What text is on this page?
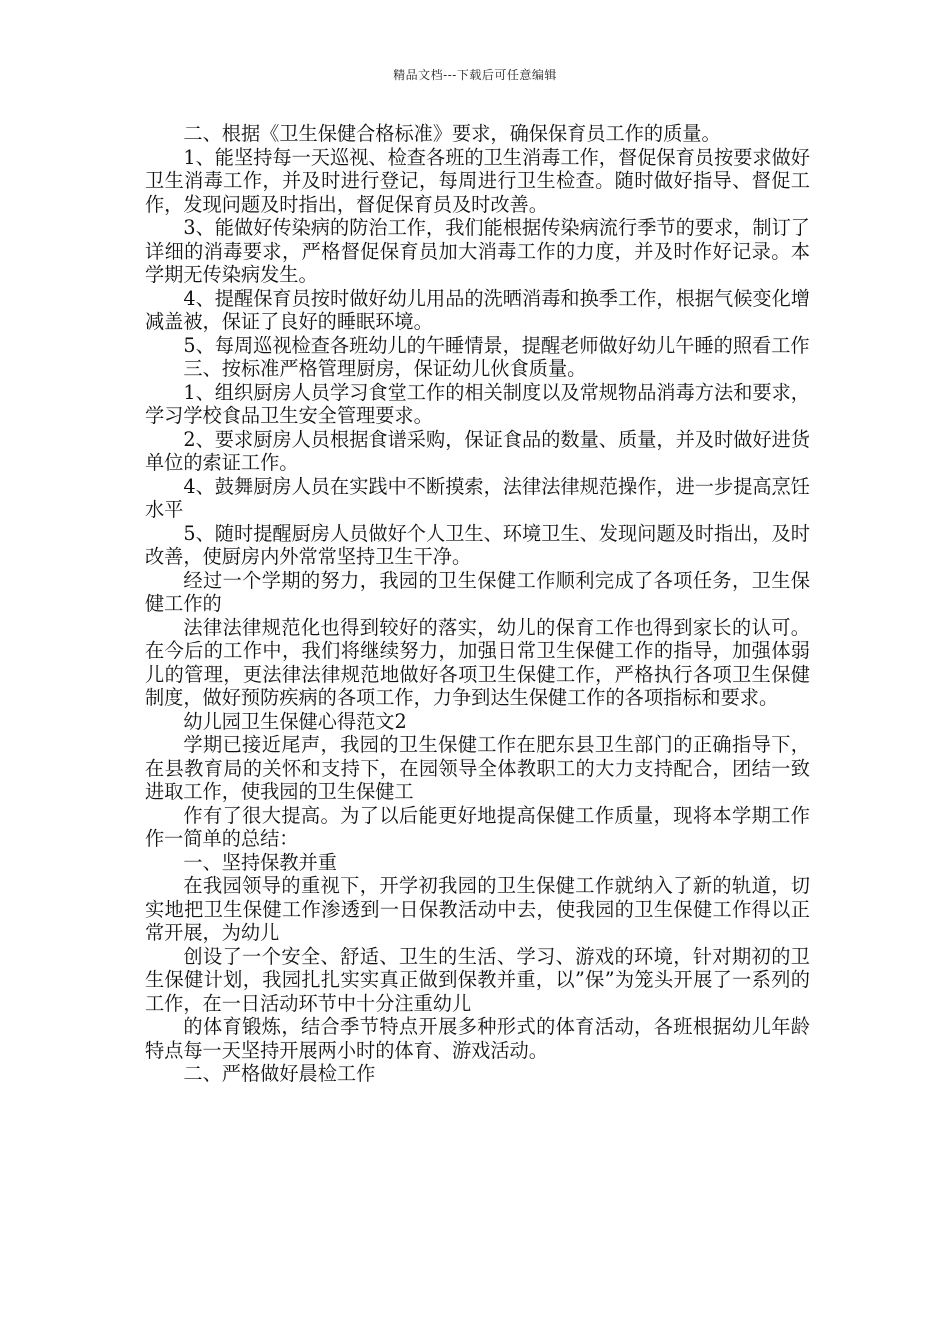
精品文档---下载后可任意编辑

二、根据《卫生保健合格标准》要求，确保保育员工作的质量。

1、能坚持每一天巡视、检查各班的卫生消毒工作，督促保育员按要求做好卫生消毒工作，并及时进行登记，每周进行卫生检查。随时做好指导、督促工作，发现问题及时指出，督促保育员及时改善。

3、能做好传染病的防治工作，我们能根据传染病流行季节的要求，制订了详细的消毒要求，严格督促保育员加大消毒工作的力度，并及时作好记录。本学期无传染病发生。

4、提醒保育员按时做好幼儿用品的洗晒消毒和换季工作，根据气候变化增减盖被，保证了良好的睡眠环境。

5、每周巡视检查各班幼儿的午睡情景，提醒老师做好幼儿午睡的照看工作

三、按标准严格管理厨房，保证幼儿伙食质量。

1、组织厨房人员学习食堂工作的相关制度以及常规物品消毒方法和要求，学习学校食品卫生安全管理要求。

2、要求厨房人员根据食谱采购，保证食品的数量、质量，并及时做好进货单位的索证工作。

4、鼓舞厨房人员在实践中不断摸索，法律法律规范操作，进一步提高烹饪水平

5、随时提醒厨房人员做好个人卫生、环境卫生、发现问题及时指出，及时改善，使厨房内外常常坚持卫生干净。

经过一个学期的努力，我园的卫生保健工作顺利完成了各项任务，卫生保健工作的

法律法律规范化也得到较好的落实，幼儿的保育工作也得到家长的认可。在今后的工作中，我们将继续努力，加强日常卫生保健工作的指导，加强体弱儿的管理，更法律法律规范地做好各项卫生保健工作，严格执行各项卫生保健制度，做好预防疾病的各项工作，力争到达生保健工作的各项指标和要求。

幼儿园卫生保健心得范文2

学期已接近尾声，我园的卫生保健工作在肥东县卫生部门的正确指导下，在县教育局的关怀和支持下，在园领导全体教职工的大力支持配合，团结一致进取工作，使我园的卫生保健工

作有了很大提高。为了以后能更好地提高保健工作质量，现将本学期工作作一简单的总结：

一、坚持保教并重

在我园领导的重视下，开学初我园的卫生保健工作就纳入了新的轨道，切实地把卫生保健工作渗透到一日保教活动中去，使我园的卫生保健工作得以正常开展，为幼儿

创设了一个安全、舒适、卫生的生活、学习、游戏的环境，针对期初的卫生保健计划，我园扎扎实实真正做到保教并重，以”保”为笼头开展了一系列的工作，在一日活动环节中十分注重幼儿

的体育锻炼，结合季节特点开展多种形式的体育活动，各班根据幼儿年龄特点每一天坚持开展两小时的体育、游戏活动。

二、严格做好晨检工作
